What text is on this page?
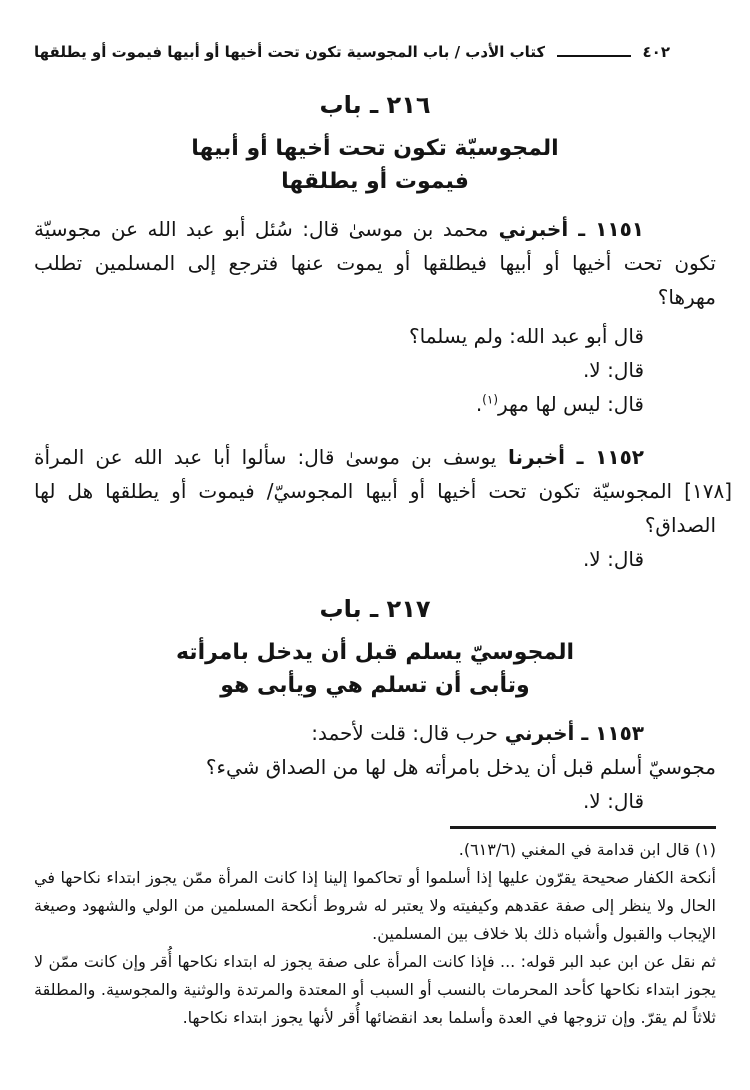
٤٠٢
كتاب الأدب / باب المجوسية تكون تحت أخيها أو أبيها فيموت أو يطلقها
٢١٦ ـ باب
المجوسيّة تكون تحت أخيها أو أبيها
فيموت أو يطلقها

١١٥١ ـ أخبرني محمد بن موسىٰ قال: سُئل أبو عبد الله عن مجوسيّة

تكون تحت أخيها أو أبيها فيطلقها أو يموت عنها فترجع إلى المسلمين تطلب

مهرها؟

قال أبو عبد الله: ولم يسلما؟

قال: لا.

قال: ليس لها مهر$^{(١)}$.

١١٥٢ ـ أخبرنا يوسف بن موسىٰ قال: سألوا أبا عبد الله عن المرأة

[١٧٨] المجوسيّة تكون تحت أخيها أو أبيها المجوسيّ/ فيموت أو يطلقها هل لها

الصداق؟

قال: لا.

٢١٧ ـ باب
المجوسيّ يسلم قبل أن يدخل بامرأته
وتأبى أن تسلم هي ويأبى هو

١١٥٣ ـ أخبرني حرب قال: قلت لأحمد:

مجوسيّ أسلم قبل أن يدخل بامرأته هل لها من الصداق شيء؟

قال: لا.

(١) قال ابن قدامة في المغني (٦١٣/٦).

أنكحة الكفار صحيحة يقرّون عليها إذا أسلموا أو تحاكموا إلينا إذا كانت المرأة ممّن يجوز ابتداء نكاحها في الحال ولا ينظر إلى صفة عقدهم وكيفيته ولا يعتبر له شروط أنكحة المسلمين من الولي والشهود وصيغة الإيجاب والقبول وأشباه ذلك بلا خلاف بين المسلمين.

ثم نقل عن ابن عبد البر قوله: ... فإذا كانت المرأة على صفة يجوز له ابتداء نكاحها أُقر وإن كانت ممّن لا يجوز ابتداء نكاحها كأحد المحرمات بالنسب أو السبب أو المعتدة والمرتدة والوثنية والمجوسية. والمطلقة ثلاثاً لم يقرّ. وإن تزوجها في العدة وأسلما بعد انقضائها أُقر لأنها يجوز ابتداء نكاحها.
